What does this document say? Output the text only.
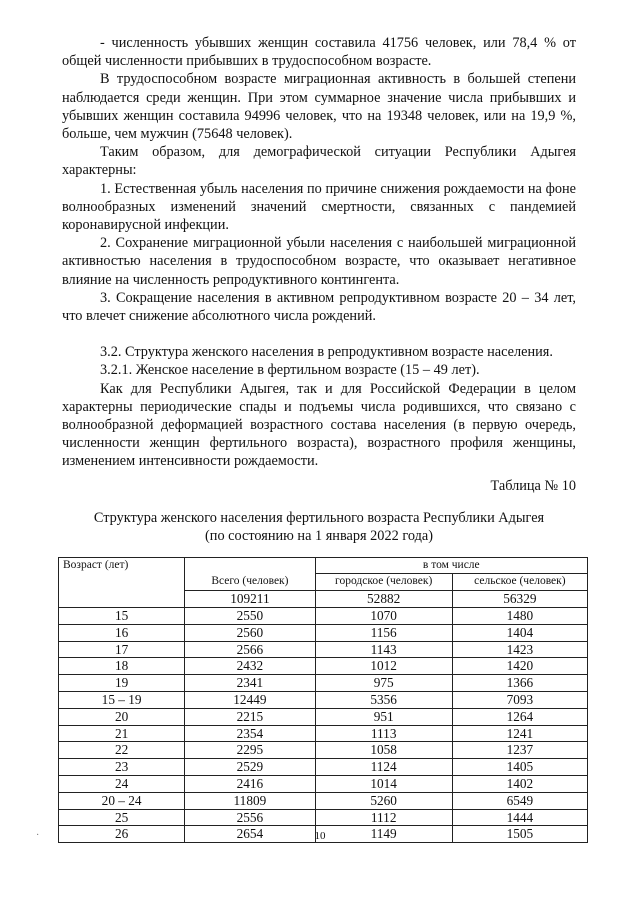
- численность убывших женщин составила 41756 человек, или 78,4 % от общей численности прибывших в трудоспособном возрасте.

В трудоспособном возрасте миграционная активность в большей степени наблюдается среди женщин. При этом суммарное значение числа прибывших и убывших женщин составила 94996 человек, что на 19348 человек, или на 19,9 %, больше, чем мужчин (75648 человек).

Таким образом, для демографической ситуации Республики Адыгея характерны:

1. Естественная убыль населения по причине снижения рождаемости на фоне волнообразных изменений значений смертности, связанных с пандемией коронавирусной инфекции.

2. Сохранение миграционной убыли населения с наибольшей миграционной активностью населения в трудоспособном возрасте, что оказывает негативное влияние на численность репродуктивного контингента.

3. Сокращение населения в активном репродуктивном возрасте 20 – 34 лет, что влечет снижение абсолютного числа рождений.

3.2. Структура женского населения в репродуктивном возрасте населения.

3.2.1. Женское население в фертильном возрасте (15 – 49 лет).

Как для Республики Адыгея, так и для Российской Федерации в целом характерны периодические спады и подъемы числа родившихся, что связано с волнообразной деформацией возрастного состава населения (в первую очередь, численности женщин фертильного возраста), возрастного профиля женщины, изменением интенсивности рождаемости.

Таблица № 10
Структура женского населения фертильного возраста Республики Адыгея
(по состоянию на 1 января 2022 года)
Возраст (лет)		в том числе	
	Всего (человек)	городское (человек)	сельское (человек)
	109211	52882	56329
15	2550	1070	1480
16	2560	1156	1404
17	2566	1143	1423
18	2432	1012	1420
19	2341	975	1366
15 – 19	12449	5356	7093
20	2215	951	1264
21	2354	1113	1241
22	2295	1058	1237
23	2529	1124	1405
24	2416	1014	1402
20 – 24	11809	5260	6549
25	2556	1112	1444
26	2654	1149	1505
10
·
